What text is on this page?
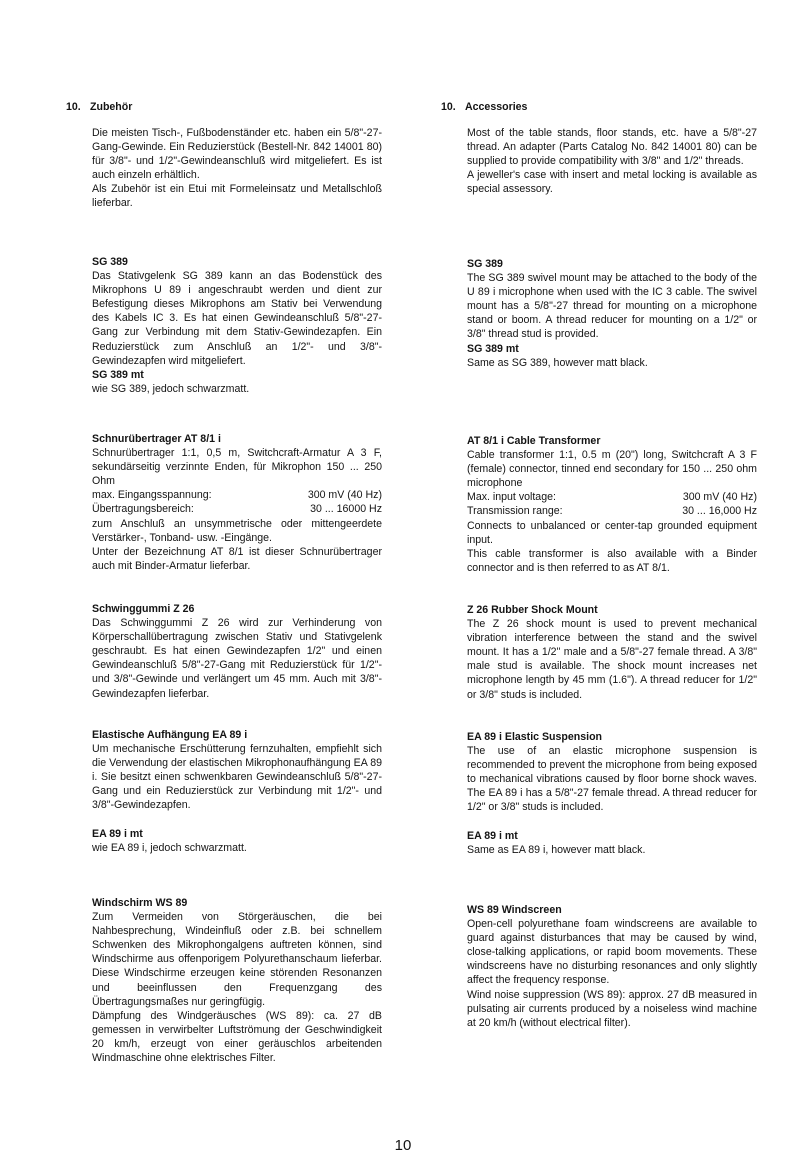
10. Zubehör	10. Accessories

Die meisten Tisch-, Fußbodenständer etc. haben ein 5/8"-27-Gang-Gewinde. Ein Reduzierstück (Bestell-Nr. 842 14001 80) für 3/8"- und 1/2"-Gewindeanschluß wird mitgeliefert. Es ist auch einzeln erhältlich.

Als Zubehör ist ein Etui mit Formeleinsatz und Metallschloß lieferbar.

SG 389

Das Stativgelenk SG 389 kann an das Bodenstück des Mikrophons U 89 i angeschraubt werden und dient zur Befestigung dieses Mikrophons am Stativ bei Verwendung des Kabels IC 3. Es hat einen Gewindeanschluß 5/8"-27-Gang zur Verbindung mit dem Stativ-Gewindezapfen. Ein Reduzierstück zum Anschluß an 1/2"- und 3/8"-Gewindezapfen wird mitgeliefert.

SG 389 mt

wie SG 389, jedoch schwarzmatt.

Schnurübertrager AT 8/1 i

Schnurübertrager 1:1, 0,5 m, Switchcraft-Armatur A 3 F, sekundärseitig verzinnte Enden, für Mikrophon 150 ... 250 Ohm

max. Eingangsspannung:	300 mV (40 Hz)
Übertragungsbereich:	30 ... 16000 Hz

zum Anschluß an unsymmetrische oder mittengeerdete Verstärker-, Tonband- usw. -Eingänge.

Unter der Bezeichnung AT 8/1 ist dieser Schnurübertrager auch mit Binder-Armatur lieferbar.

Schwinggummi Z 26

Das Schwinggummi Z 26 wird zur Verhinderung von Körperschallübertragung zwischen Stativ und Stativgelenk geschraubt. Es hat einen Gewindezapfen 1/2" und einen Gewindeanschluß 5/8"-27-Gang mit Reduzierstück für 1/2"- und 3/8"-Gewinde und verlängert um 45 mm. Auch mit 3/8"-Gewindezapfen lieferbar.

Elastische Aufhängung EA 89 i

Um mechanische Erschütterung fernzuhalten, empfiehlt sich die Verwendung der elastischen Mikrophonaufhängung EA 89 i. Sie besitzt einen schwenkbaren Gewindeanschluß 5/8"-27-Gang und ein Reduzierstück zur Verbindung mit 1/2"- und 3/8"-Gewindezapfen.

EA 89 i mt

wie EA 89 i, jedoch schwarzmatt.

Windschirm WS 89

Zum Vermeiden von Störgeräuschen, die bei Nahbesprechung, Windeinfluß oder z.B. bei schnellem Schwenken des Mikrophongalgens auftreten können, sind Windschirme aus offenporigem Polyurethanschaum lieferbar. Diese Windschirme erzeugen keine störenden Resonanzen und beeinflussen den Frequenzgang des Übertragungsmaßes nur geringfügig.

Dämpfung des Windgeräusches (WS 89): ca. 27 dB gemessen in verwirbelter Luftströmung der Geschwindigkeit 20 km/h, erzeugt von einer geräuschlos arbeitenden Windmaschine ohne elektrisches Filter.

Most of the table stands, floor stands, etc. have a 5/8"-27 thread. An adapter (Parts Catalog No. 842 14001 80) can be supplied to provide compatibility with 3/8" and 1/2" threads.

A jeweller's case with insert and metal locking is available as special assessory.

SG 389

The SG 389 swivel mount may be attached to the body of the U 89 i microphone when used with the IC 3 cable. The swivel mount has a 5/8"-27 thread for mounting on a microphone stand or boom. A thread reducer for mounting on a 1/2" or 3/8" thread stud is provided.

SG 389 mt

Same as SG 389, however matt black.

AT 8/1 i Cable Transformer

Cable transformer 1:1, 0.5 m (20") long, Switchcraft A 3 F (female) connector, tinned end secondary for 150 ... 250 ohm microphone

Max. input voltage:	300 mV (40 Hz)
Transmission range:	30 ... 16,000 Hz

Connects to unbalanced or center-tap grounded equipment input.

This cable transformer is also available with a Binder connector and is then referred to as AT 8/1.

Z 26 Rubber Shock Mount

The Z 26 shock mount is used to prevent mechanical vibration interference between the stand and the swivel mount. It has a 1/2" male and a 5/8"-27 female thread. A 3/8" male stud is available. The shock mount increases net microphone length by 45 mm (1.6"). A thread reducer for 1/2" or 3/8" studs is included.

EA 89 i Elastic Suspension

The use of an elastic microphone suspension is recommended to prevent the microphone from being exposed to mechanical vibrations caused by floor borne shock waves. The EA 89 i has a 5/8"-27 female thread. A thread reducer for 1/2" or 3/8" studs is included.

EA 89 i mt

Same as EA 89 i, however matt black.

WS 89 Windscreen

Open-cell polyurethane foam windscreens are available to guard against disturbances that may be caused by wind, close-talking applications, or rapid boom movements. These windscreens have no disturbing resonances and only slightly affect the frequency response.

Wind noise suppression (WS 89): approx. 27 dB measured in pulsating air currents produced by a noiseless wind machine at 20 km/h (without electrical filter).

10
